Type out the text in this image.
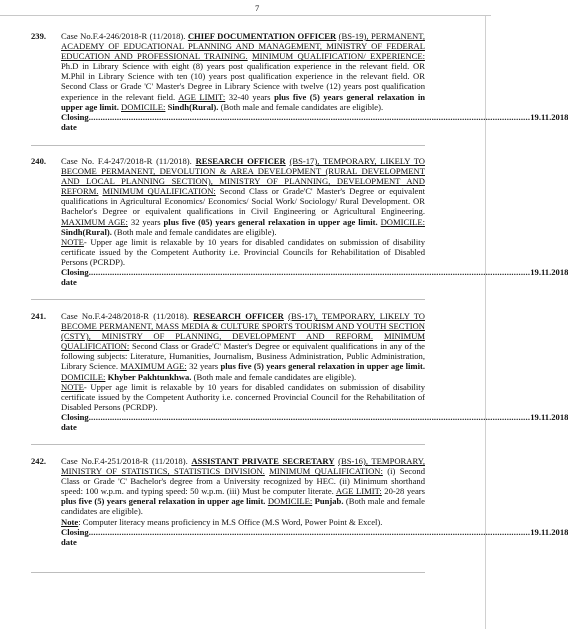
7
239. Case No.F.4-246/2018-R (11/2018). CHIEF DOCUMENTATION OFFICER (BS-19), PERMANENT, ACADEMY OF EDUCATIONAL PLANNING AND MANAGEMENT, MINISTRY OF FEDERAL EDUCATION AND PROFESSIONAL TRAINING. MINIMUM QUALIFICATION/ EXPERIENCE: Ph.D in Library Science with eight (8) years post qualification experience in the relevant field. OR M.Phil in Library Science with ten (10) years post qualification experience in the relevant field. OR Second Class or Grade 'C' Master's Degree in Library Science with twelve (12) years post qualification experience in the relevant field. AGE LIMIT: 32-40 years plus five (5) years general relaxation in upper age limit. DOMICILE: Sindh(Rural). (Both male and female candidates are eligible).
Closing date
............................................................................................................................................................................................ 19.11.2018
240. Case No. F.4-247/2018-R (11/2018). RESEARCH OFFICER (BS-17), TEMPORARY, LIKELY TO BECOME PERMANENT, DEVOLUTION & AREA DEVELOPMENT (RURAL DEVELOPMENT AND LOCAL PLANNING SECTION), MINISTRY OF PLANNING, DEVELOPMENT AND REFORM. MINIMUM QUALIFICATION: Second Class or Grade'C' Master's Degree or equivalent qualifications in Agricultural Economics/ Economics/ Social Work/ Sociology/ Rural Development. OR Bachelor's Degree or equivalent qualifications in Civil Engineering or Agricultural Engineering. MAXIMUM AGE: 32 years plus five (05) years general relaxation in upper age limit. DOMICILE: Sindh(Rural). (Both male and female candidates are eligible).
NOTE- Upper age limit is relaxable by 10 years for disabled candidates on submission of disability certificate issued by the Competent Authority i.e. Provincial Councils for Rehabilitation of Disabled Persons (PCRDP).
Closing date
............................................................................................................................................................................................ 19.11.2018
241. Case No.F.4-248/2018-R (11/2018). RESEARCH OFFICER (BS-17), TEMPORARY, LIKELY TO BECOME PERMANENT, MASS MEDIA & CULTURE SPORTS TOURISM AND YOUTH SECTION (CSTY), MINISTRY OF PLANNING, DEVELOPMENT AND REFORM. MINIMUM QUALIFICATION: Second Class or Grade'C' Master's Degree or equivalent qualifications in any of the following subjects: Literature, Humanities, Journalism, Business Administration, Public Administration, Library Science. MAXIMUM AGE: 32 years plus five (5) years general relaxation in upper age limit. DOMICILE: Khyber Pakhtunkhwa. (Both male and female candidates are eligible).
NOTE- Upper age limit is relaxable by 10 years for disabled candidates on submission of disability certificate issued by the Competent Authority i.e. concerned Provincial Council for the Rehabilitation of Disabled Persons (PCRDP).
Closing date
............................................................................................................................................................................................ 19.11.2018
242. Case No.F.4-251/2018-R (11/2018). ASSISTANT PRIVATE SECRETARY (BS-16), TEMPORARY, MINISTRY OF STATISTICS, STATISTICS DIVISION. MINIMUM QUALIFICATION: (i) Second Class or Grade 'C' Bachelor's degree from a University recognized by HEC. (ii) Minimum shorthand speed: 100 w.p.m. and typing speed: 50 w.p.m. (iii) Must be computer literate. AGE LIMIT: 20-28 years plus five (5) years general relaxation in upper age limit. DOMICILE: Punjab. (Both male and female candidates are eligible).
Note: Computer literacy means proficiency in M.S Office (M.S Word, Power Point & Excel).
Closing date
............................................................................................................................................................................................ 19.11.2018
